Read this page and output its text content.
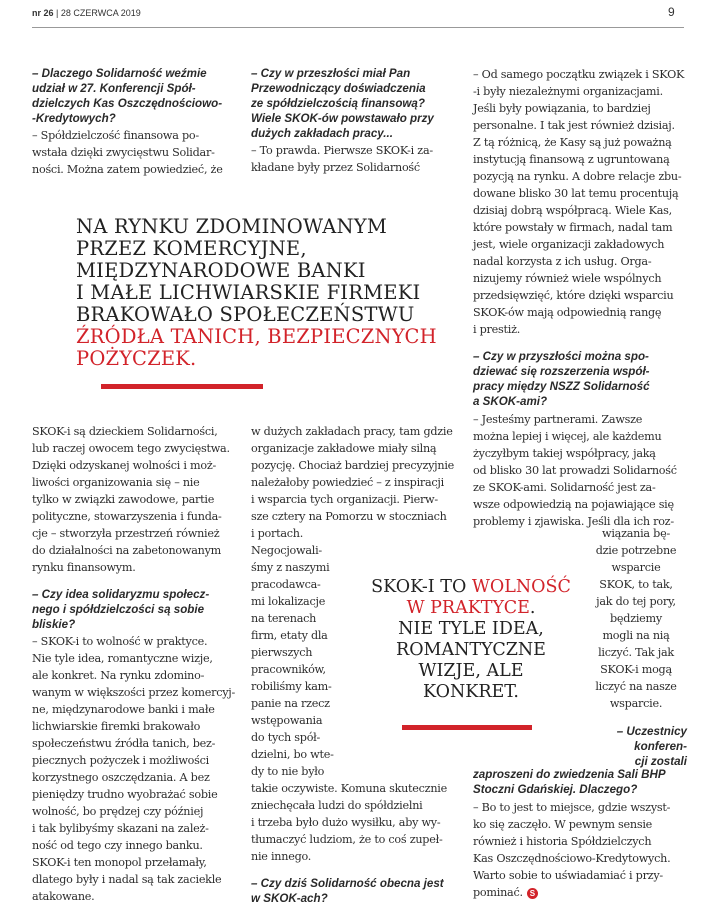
nr 26 | 28 CZERWCA 2019	9

– Dlaczego Solidarność weźmie
udział w 27. Konferencji Spół-
dzielczych Kas Oszczędnościowo-
-Kredytowych?

– Spółdzielczość finansowa po-
wstała dzięki zwycięstwu Solidar-
ności. Można zatem powiedzieć, że

– Czy w przeszłości miał Pan
Przewodniczący doświadczenia
ze spółdzielczością finansową?
Wiele SKOK-ów powstawało przy
dużych zakładach pracy...

– To prawda. Pierwsze SKOK-i za-
kładane były przez Solidarność

– Od samego początku związek i SKOK
-i były niezależnymi organizacjami.
Jeśli były powiązania, to bardziej
personalne. I tak jest również dzisiaj.
Z tą różnicą, że Kasy są już poważną
instytucją finansową z ugruntowaną
pozycją na rynku. A dobre relacje zbu-
dowane blisko 30 lat temu procentują
dzisiaj dobrą współpracą. Wiele Kas,
które powstały w firmach, nadal tam
jest, wiele organizacji zakładowych
nadal korzysta z ich usług. Orga-
nizujemy również wiele wspólnych
przedsięwzięć, które dzięki wsparciu
SKOK-ów mają odpowiednią rangę
i prestiż.

– Czy w przyszłości można spo-
dziewać się rozszerzenia współ-
pracy między NSZZ Solidarność
a SKOK-ami?

– Jesteśmy partnerami. Zawsze
można lepiej i więcej, ale każdemu
życzyłbym takiej współpracy, jaką
od blisko 30 lat prowadzi Solidarność
ze SKOK-ami. Solidarność jest za-
wsze odpowiedzią na pojawiające się
problemy i zjawiska. Jeśli dla ich roz-

wiązania bę-
dzie potrzebne
wsparcie
SKOK, to tak,
jak do tej pory,
będziemy
mogli na nią
liczyć. Tak jak
SKOK-i mogą
liczyć na nasze
wsparcie.

– Uczestnicy
konferen-
cji zostali

zaproszeni do zwiedzenia Sali BHP
Stoczni Gdańskiej. Dlaczego?

– Bo to jest to miejsce, gdzie wszyst-
ko się zaczęło. W pewnym sensie
również i historia Spółdzielczych
Kas Oszczędnościowo-Kredytowych.
Warto sobie to uświadamiać i przy-
pominać. S

NA RYNKU ZDOMINOWANYM
PRZEZ KOMERCYJNE,
MIĘDZYNARODOWE BANKI
I MAŁE LICHWIARSKIE FIRMEKI
BRAKOWAŁO SPOŁECZEŃSTWU
ŹRÓDŁA TANICH, BEZPIECZNYCH
POŻYCZEK.

SKOK-i są dzieckiem Solidarności,
lub raczej owocem tego zwycięstwa.
Dzięki odzyskanej wolności i moż-
liwości organizowania się – nie
tylko w związki zawodowe, partie
polityczne, stowarzyszenia i funda-
cje – stworzyła przestrzeń również
do działalności na zabetonowanym
rynku finansowym.

– Czy idea solidaryzmu społecz-
nego i spółdzielczości są sobie
bliskie?

– SKOK-i to wolność w praktyce.
Nie tyle idea, romantyczne wizje,
ale konkret. Na rynku zdomino-
wanym w większości przez komercyj-
ne, międzynarodowe banki i małe
lichwiarskie firemki brakowało
społeczeństwu źródła tanich, bez-
piecznych pożyczek i możliwości
korzystnego oszczędzania. A bez
pieniędzy trudno wyobrażać sobie
wolność, bo prędzej czy później
i tak bylibyśmy skazani na zależ-
ność od tego czy innego banku.
SKOK-i ten monopol przełamały,
dlatego były i nadal są tak zaciekle
atakowane.

w dużych zakładach pracy, tam gdzie
organizacje zakładowe miały silną
pozycję. Chociaż bardziej precyzyjnie
należałoby powiedzieć – z inspiracji
i wsparcia tych organizacji. Pierw-
sze cztery na Pomorzu w stoczniach
i portach.

Negocjowali-
śmy z naszymi
pracodawca-
mi lokalizacje
na terenach
firm, etaty dla
pierwszych
pracowników,
robiliśmy kam-
panie na rzecz
wstępowania
do tych spół-
dzielni, bo wte-
dy to nie było

takie oczywiste. Komuna skutecznie
zniechęcała ludzi do spółdzielni
i trzeba było dużo wysiłku, aby wy-
tłumaczyć ludziom, że to coś zupeł-
nie innego.

– Czy dziś Solidarność obecna jest
w SKOK-ach?

SKOK-I TO WOLNOŚĆ
W PRAKTYCE.
NIE TYLE IDEA,
ROMANTYCZNE
WIZJE, ALE
KONKRET.
